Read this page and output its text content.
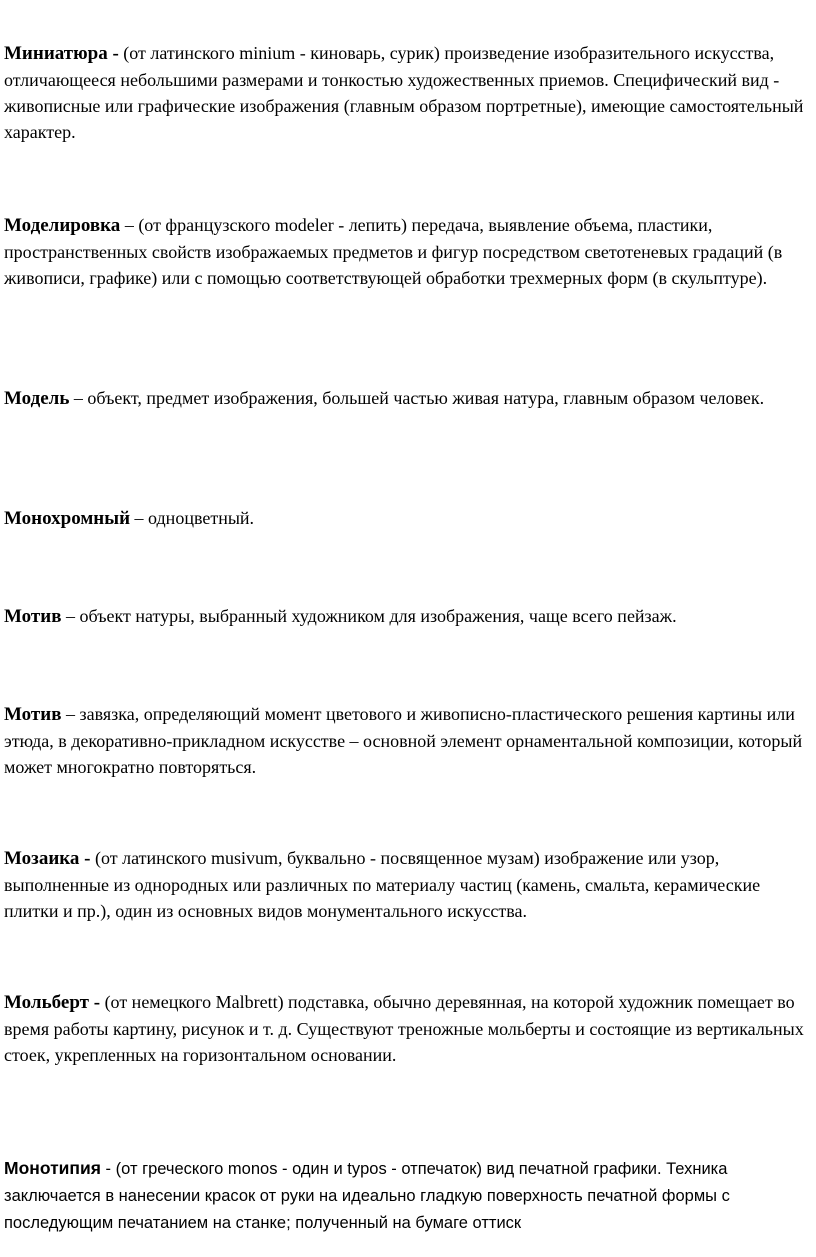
Миниатюра - (от латинского minium - киноварь, сурик) произведение изобразительного искусства, отличающееся небольшими размерами и тонкостью художественных приемов. Специфический вид - живописные или графические изображения (главным образом портретные), имеющие самостоятельный характер.

Моделировка – (от французского modeler - лепить) передача, выявление объема, пластики, пространственных свойств изображаемых предметов и фигур посредством светотеневых градаций (в живописи, графике) или с помощью соответствующей обработки трехмерных форм (в скульптуре).

Модель – объект, предмет изображения, большей частью живая натура, главным образом человек.

Монохромный – одноцветный.

Мотив – объект натуры, выбранный художником для изображения, чаще всего пейзаж.

Мотив – завязка, определяющий момент цветового и живописно-пластического решения картины или этюда, в декоративно-прикладном искусстве – основной элемент орнаментальной композиции, который может многократно повторяться.

Мозаика - (от латинского musivum, буквально - посвященное музам) изображение или узор, выполненные из однородных или различных по материалу частиц (камень, смальта, керамические плитки и пр.), один из основных видов монументального искусства.

Мольберт - (от немецкого Malbrett) подставка, обычно деревянная, на которой художник помещает во время работы картину, рисунок и т. д. Существуют треножные мольберты и состоящие из вертикальных стоек, укрепленных на горизонтальном основании.

Монотипия - (от греческого monos - один и typos - отпечаток) вид печатной графики. Техника заключается в нанесении красок от руки на идеально гладкую поверхность печатной формы с последующим печатанием на станке; полученный на бумаге оттиск
